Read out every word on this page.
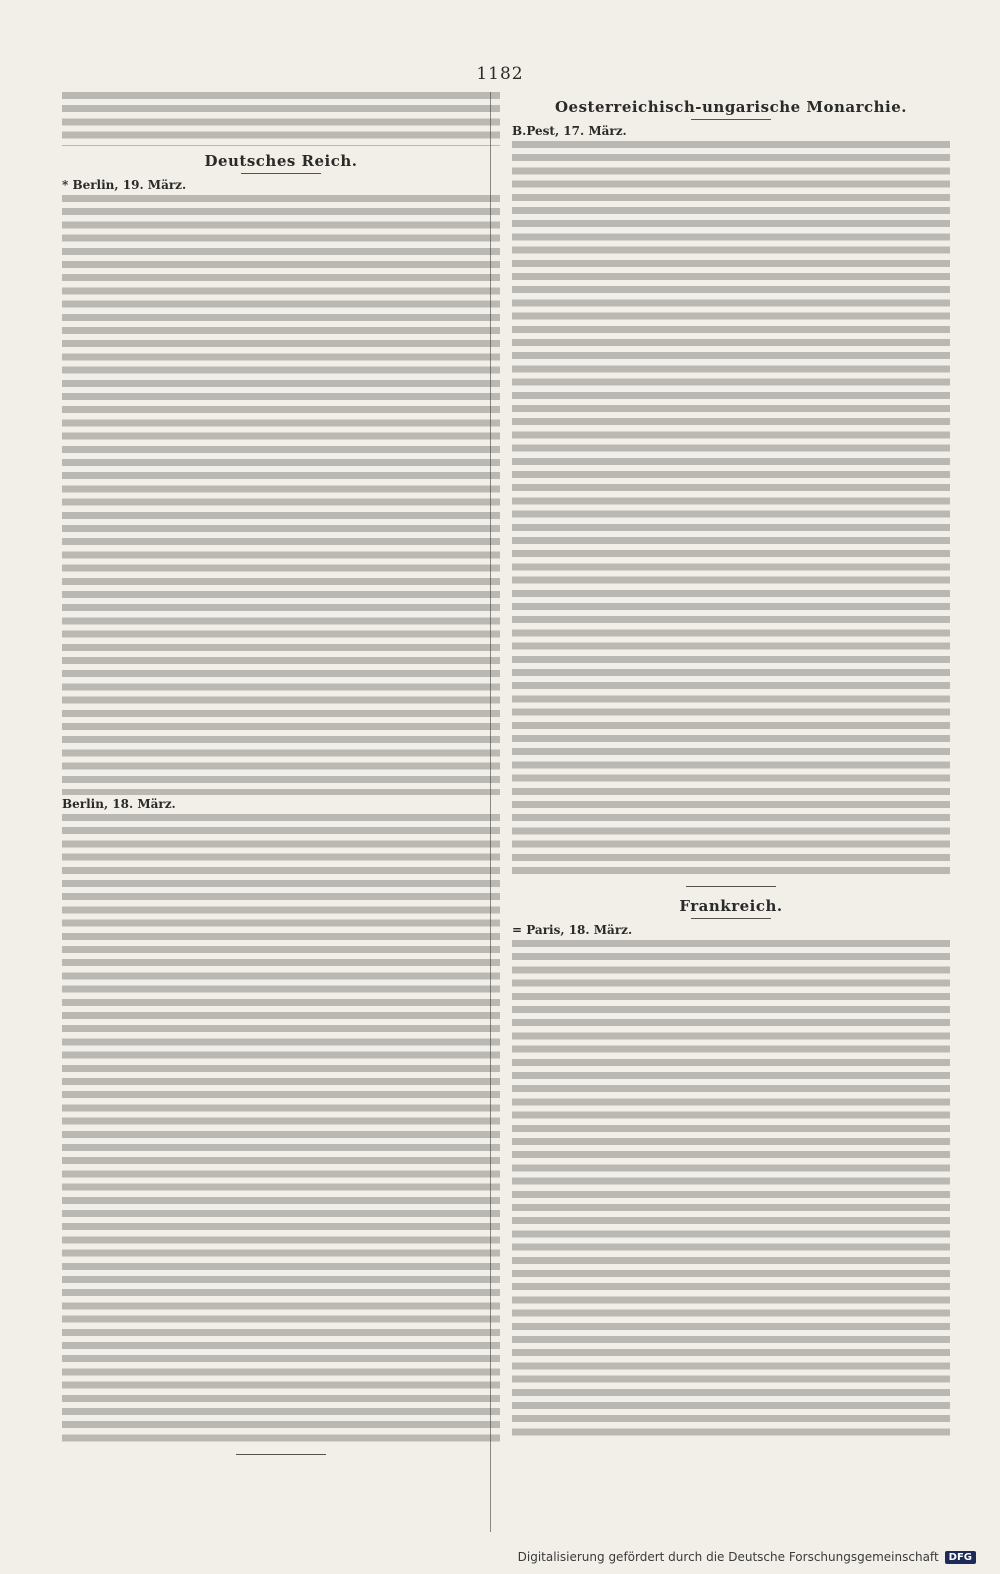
1182
Deutsches Reich.
* Berlin, 19. März.
Berlin, 18. März.
Oesterreichisch-ungarische Monarchie.
B.Pest, 17. März.
Frankreich.
= Paris, 18. März.
Digitalisierung gefördert durch die Deutsche Forschungsgemeinschaft	DFG
